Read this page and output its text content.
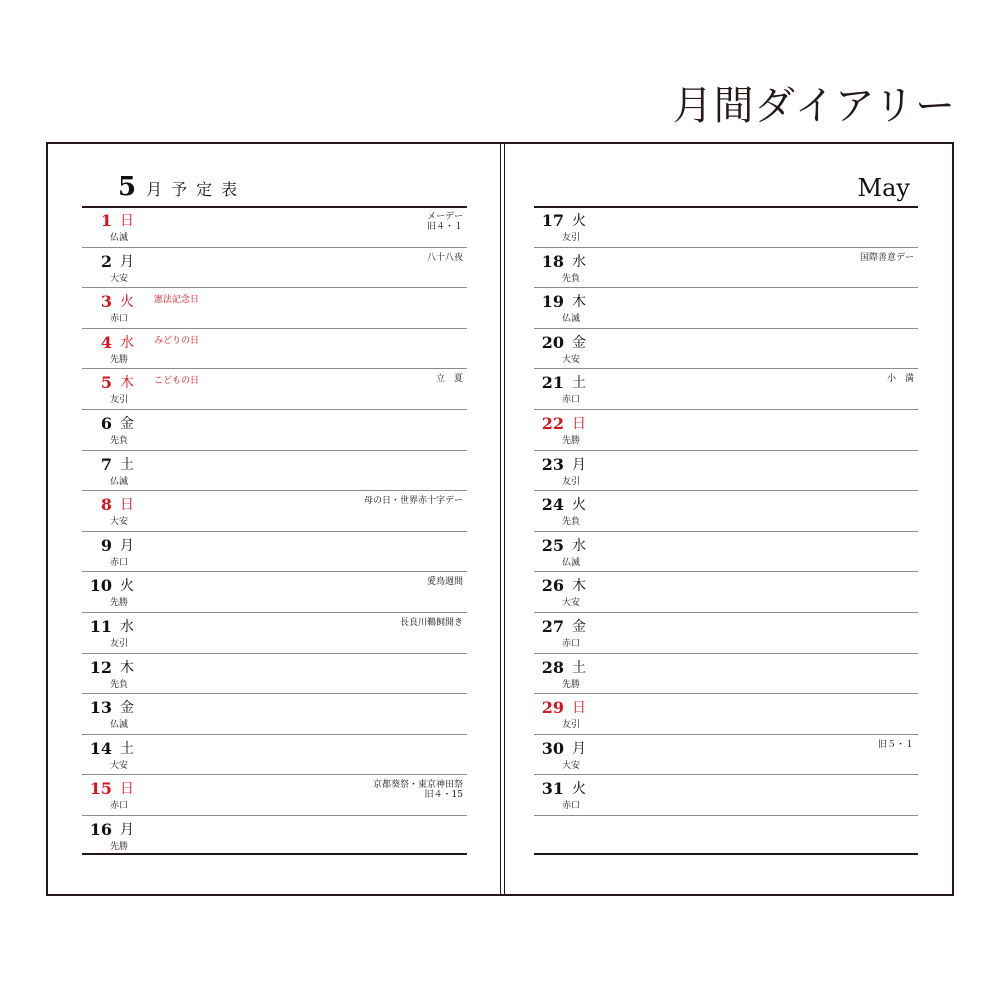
月間ダイアリー
5 月予定表
1 日
仏滅
メーデー
旧４・１
2 月
大安
八十八夜
3 火
赤口
憲法記念日
4 水
先勝
みどりの日
5 木
友引
こどもの日	立　夏
6 金
先負
7 土
仏滅
8 日
大安
母の日・世界赤十字デー
9 月
赤口
10 火
先勝
愛鳥週間
11 水
友引
長良川鵜飼開き
12 木
先負
13 金
仏滅
14 土
大安
15 日
赤口
京都葵祭・東京神田祭
旧４・15
16 月
先勝
May
17 火
友引
18 水
先負
国際善意デー
19 木
仏滅
20 金
大安
21 土
赤口
小　満
22 日
先勝
23 月
友引
24 火
先負
25 水
仏滅
26 木
大安
27 金
赤口
28 土
先勝
29 日
友引
30 月
大安
旧５・１
31 火
赤口
